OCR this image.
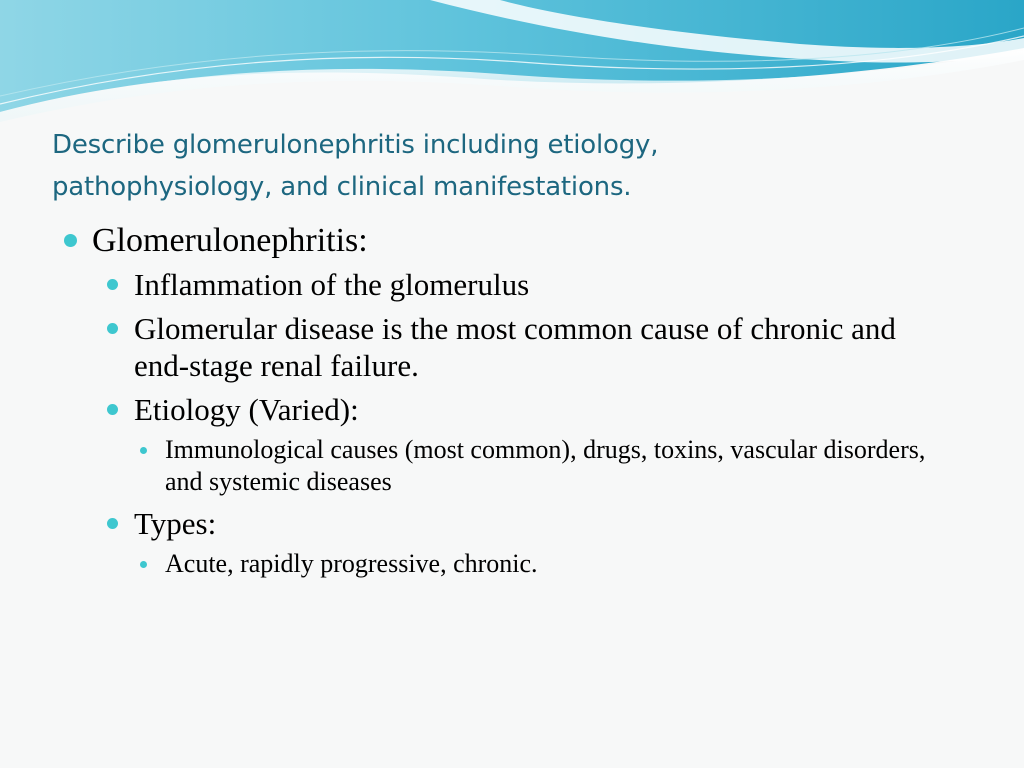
Describe glomerulonephritis including etiology, pathophysiology, and clinical manifestations.
Glomerulonephritis:
Inflammation of the glomerulus
Glomerular disease is the most common cause of chronic and end-stage renal failure.
Etiology (Varied):
Immunological causes (most common), drugs, toxins, vascular disorders, and systemic diseases
Types:
Acute, rapidly progressive, chronic.
